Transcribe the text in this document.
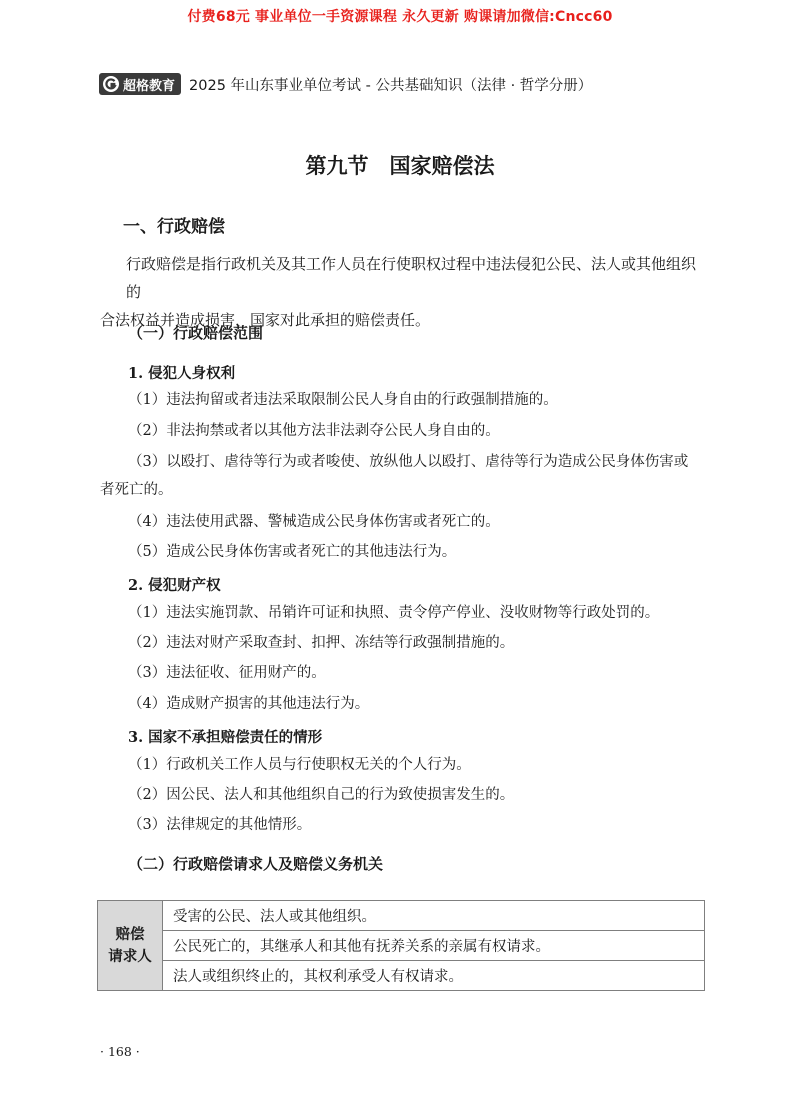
付费68元 事业单位一手资源课程 永久更新 购课请加微信:Cncc60
超格教育 2025 年山东事业单位考试 - 公共基础知识（法律 · 哲学分册）
第九节　国家赔偿法
一、行政赔偿
行政赔偿是指行政机关及其工作人员在行使职权过程中违法侵犯公民、法人或其他组织的
合法权益并造成损害，国家对此承担的赔偿责任。
（一）行政赔偿范围
1. 侵犯人身权利
（1）违法拘留或者违法采取限制公民人身自由的行政强制措施的。
（2）非法拘禁或者以其他方法非法剥夺公民人身自由的。
（3）以殴打、虐待等行为或者唆使、放纵他人以殴打、虐待等行为造成公民身体伤害或
者死亡的。
（4）违法使用武器、警械造成公民身体伤害或者死亡的。
（5）造成公民身体伤害或者死亡的其他违法行为。
2. 侵犯财产权
（1）违法实施罚款、吊销许可证和执照、责令停产停业、没收财物等行政处罚的。
（2）违法对财产采取查封、扣押、冻结等行政强制措施的。
（3）违法征收、征用财产的。
（4）造成财产损害的其他违法行为。
3. 国家不承担赔偿责任的情形
（1）行政机关工作人员与行使职权无关的个人行为。
（2）因公民、法人和其他组织自己的行为致使损害发生的。
（3）法律规定的其他情形。
（二）行政赔偿请求人及赔偿义务机关
赔偿
请求人
	受害的公民、法人或其他组织。
公民死亡的，其继承人和其他有抚养关系的亲属有权请求。
法人或组织终止的，其权利承受人有权请求。
· 168 ·
